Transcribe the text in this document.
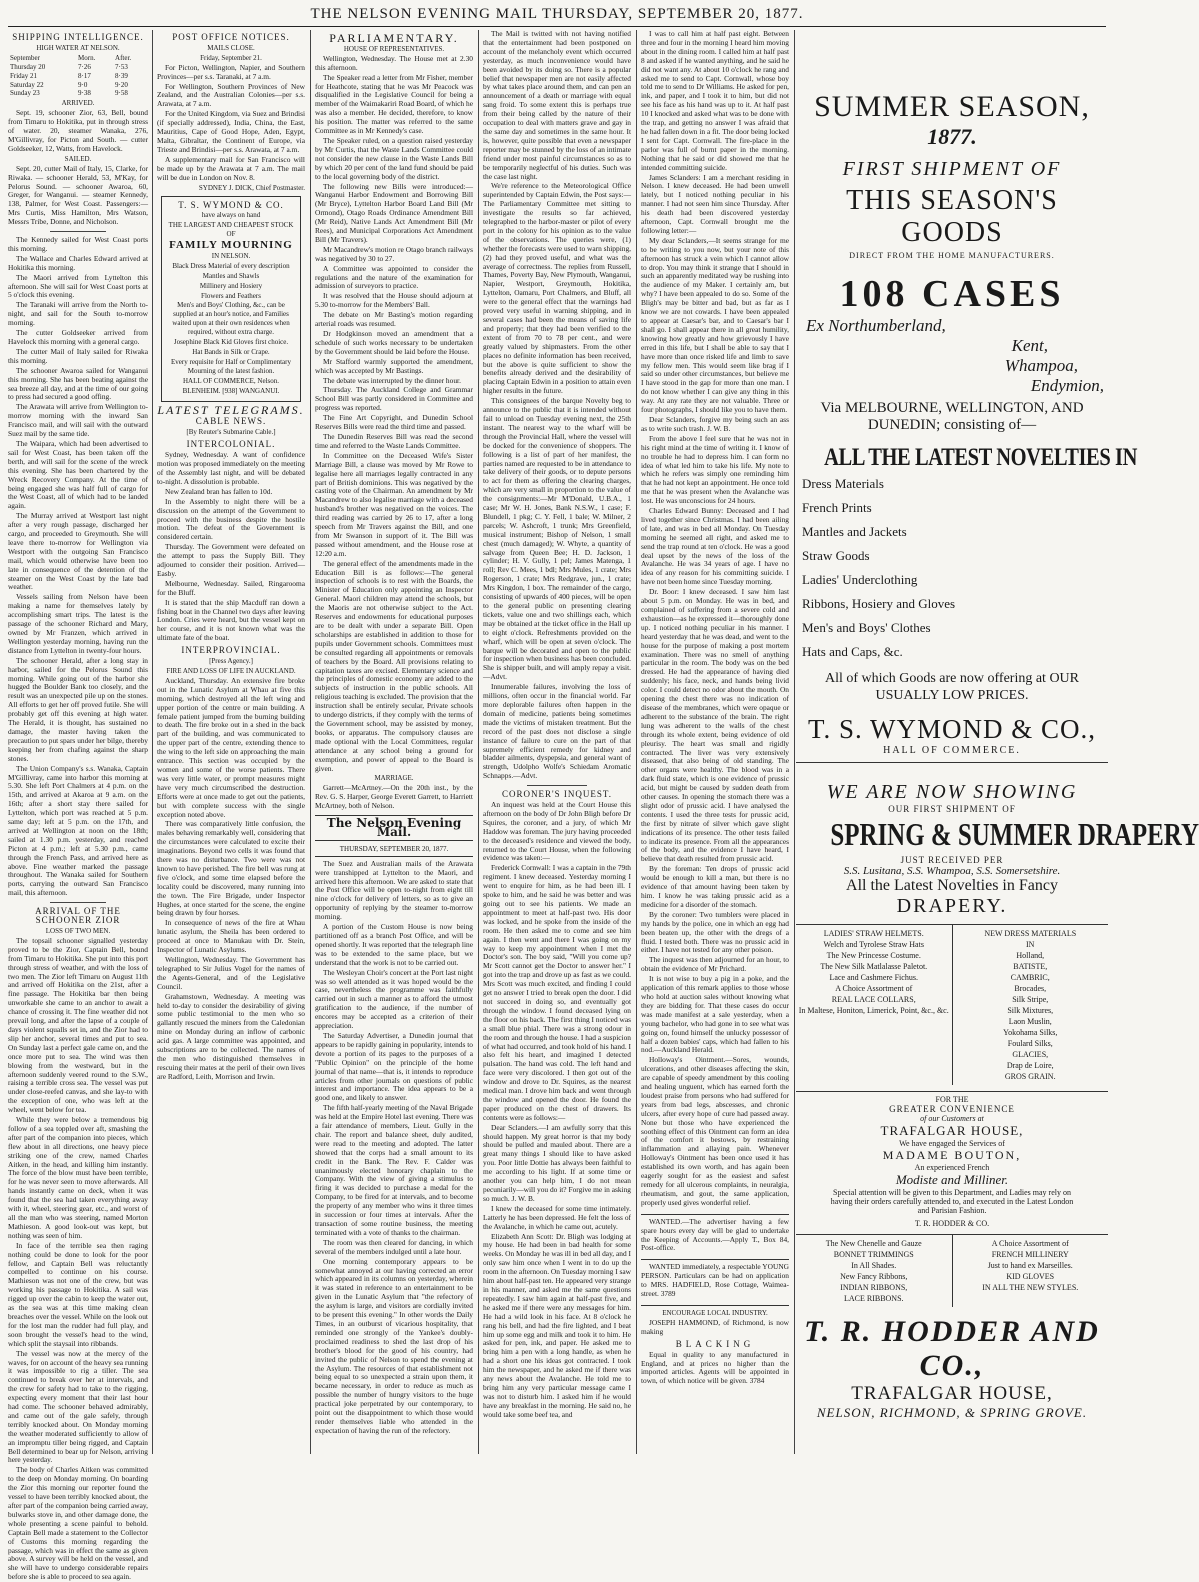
THE NELSON EVENING MAIL THURSDAY, SEPTEMBER 20, 1877.
SHIPPING INTELLIGENCE.
HIGH WATER AT NELSON.
September	Morn.	After.
Thursday 20	7·26	7·53
Friday 21	8·17	8·39
Saturday 22	9·0	9·20
Sunday 23	9·38	9·58
ARRIVED.

Sept. 19, schooner Zior, 63, Bell, bound from Timaru to Hokitika, put in through stress of water. 20, steamer Wanaka, 276, M'Gillivray, for Picton and South. — cutter Goldseeker, 12, Watts, from Havelock.

SAILED.

Sept. 20, cutter Mail of Italy, 15, Clarke, for Riwaka. — schooner Herald, 53, M'Kay, for Pelorus Sound. — schooner Awaroa, 60, Greger, for Wanganui. — steamer Kennedy, 138, Palmer, for West Coast. Passengers:—Mrs Curtis, Miss Hamilton, Mrs Watson, Messrs Tribe, Donne, and Nicholson.

The Kennedy sailed for West Coast ports this morning.

The Wallace and Charles Edward arrived at Hokitika this morning.

The Maori arrived from Lyttelton this afternoon. She will sail for West Coast ports at 5 o'clock this evening.

The Taranaki will arrive from the North to-night, and sail for the South to-morrow morning.

The cutter Goldseeker arrived from Havelock this morning with a general cargo.

The cutter Mail of Italy sailed for Riwaka this morning.

The schooner Awaroa sailed for Wanganui this morning. She has been beating against the sea breeze all day, and at the time of our going to press had secured a good offing.

The Arawata will arrive from Wellington to-morrow morning with the inward San Francisco mail, and will sail with the outward Suez mail by the same tide.

The Waipara, which had been advertised to sail for West Coast, has been taken off the berth, and will sail for the scene of the wreck this evening. She has been chartered by the Wreck Recovery Company. At the time of being engaged she was half full of cargo for the West Coast, all of which had to be landed again.

The Murray arrived at Westport last night after a very rough passage, discharged her cargo, and proceeded to Greymouth. She will leave there to-morrow for Wellington via Westport with the outgoing San Francisco mail, which would otherwise have been too late in consequence of the detention of the steamer on the West Coast by the late bad weather.

Vessels sailing from Nelson have been making a name for themselves lately by accomplishing smart trips. The latest is the passage of the schooner Richard and Mary, owned by Mr Franzen, which arrived in Wellington yesterday morning, having run the distance from Lyttelton in twenty-four hours.

The schooner Herald, after a long stay in harbor, sailed for the Pelorus Sound this morning. While going out of the harbor she hugged the Boulder Bank too closely, and the result was an unexpected pile up on the stones. All efforts to get her off proved futile. She will probably get off this evening at high water. The Herald, it is thought, has sustained no damage, the master having taken the precaution to put spars under her bilge, thereby keeping her from chafing against the sharp stones.

The Union Company's s.s. Wanaka, Captain M'Gillivray, came into harbor this morning at 5.30. She left Port Chalmers at 4 p.m. on the 15th, and arrived at Akaroa at 9 a.m. on the 16th; after a short stay there sailed for Lyttelton, which port was reached at 5 p.m. same day; left at 5 p.m. on the 17th, and arrived at Wellington at noon on the 18th; sailed at 1.30 p.m. yesterday, and reached Picton at 4 p.m.; left at 5.30 p.m., came through the French Pass, and arrived here as above. Fine weather marked the passage throughout. The Wanaka sailed for Southern ports, carrying the outward San Francisco mail, this afternoon.

ARRIVAL OF THE SCHOONER ZIOR
LOSS OF TWO MEN.

The topsail schooner signalled yesterday proved to be the Zior, Captain Bell, bound from Timaru to Hokitika. She put into this port through stress of weather, and with the loss of two men. The Zior left Timaru on August 11th and arrived off Hokitika on the 21st, after a fine passage. The Hokitika bar then being unworkable she came to an anchor to await a chance of crossing it. The fine weather did not prevail long, and after the lapse of a couple of days violent squalls set in, and the Zior had to slip her anchor, several times and put to sea. On Sunday last a perfect gale came on, and the once more put to sea. The wind was then blowing from the westward, but in the afternoon suddenly veered round to the S.W., raising a terrible cross sea. The vessel was put under close-reefed canvas, and she lay-to with the exception of one, who was left at the wheel, went below for tea.

While they were below a tremendous big follow of a sea toppled over aft, smashing the after part of the companion into pieces, which flew about in all directions, one heavy piece striking one of the crew, named Charles Aitken, in the head, and killing him instantly. The force of the blow must have been terrible, for he was never seen to move afterwards. All hands instantly came on deck, when it was found that the sea had taken everything away with it, wheel, steering gear, etc., and worst of all the man who was steering, named Morton Mathieson. A good look-out was kept, but nothing was seen of him.

In face of the terrible sea then raging nothing could be done to look for the poor fellow, and Captain Bell was reluctantly compelled to continue on his course. Mathieson was not one of the crew, but was working his passage to Hokitika. A sail was rigged up over the cabin to keep the water out, as the sea was at this time making clean breaches over the vessel. While on the look out for the lost man the rudder had full play, and soon brought the vessel's head to the wind, which split the staysail into ribbands.

The vessel was now at the mercy of the waves, for on account of the heavy sea running it was impossible to rig a tiller. The sea continued to break over her at intervals, and the crew for safety had to take to the rigging, expecting every moment that their last hour had come. The schooner behaved admirably, and came out of the gale safely, through terribly knocked about. On Monday morning the weather moderated sufficiently to allow of an impromptu tiller being rigged, and Captain Bell determined to bear up for Nelson, arriving here yesterday.

The body of Charles Aitken was committed to the deep on Monday morning. On boarding the Zior this morning our reporter found the vessel to have been terribly knocked about, the after part of the companion being carried away, bulwarks stove in, and other damage done, the whole presenting a scene painful to behold. Captain Bell made a statement to the Collector of Customs this morning regarding the passage, which was in effect the same as given above. A survey will be held on the vessel, and she will have to undergo considerable repairs before she is able to proceed to sea again.

POST OFFICE NOTICES.
MAILS CLOSE.
Friday, September 21.

For Picton, Wellington, Napier, and Southern Provinces—per s.s. Taranaki, at 7 a.m.

For Wellington, Southern Provinces of New Zealand, and the Australian Colonies—per s.s. Arawata, at 7 a.m.

For the United Kingdom, via Suez and Brindisi (if specially addressed), India, China, the East, Mauritius, Cape of Good Hope, Aden, Egypt, Malta, Gibraltar, the Continent of Europe, via Trieste and Brindisi—per s.s. Arawata, at 7 a.m.

A supplementary mail for San Francisco will be made up by the Arawata at 7 a.m. The mail will be due in London on Nov. 8.

SYDNEY J. DICK, Chief Postmaster.
T. S. WYMOND & CO.
have always on hand
THE LARGEST AND CHEAPEST STOCK OF
FAMILY MOURNING
IN NELSON.
Black Dress Material of every description
Mantles and Shawls
Millinery and Hosiery
Flowers and Feathers
Men's and Boys' Clothing, &c., can be supplied at an hour's notice, and Families waited upon at their own residences when required, without extra charge.
Josephine Black Kid Gloves first choice.
Hat Bands in Silk or Crape.
Every requisite for Half or Complimentary Mourning of the latest fashion.
HALL OF COMMERCE, Nelson.
BLENHEIM. [938] WANGANUI.
LATEST TELEGRAMS.
CABLE NEWS.
[By Reuter's Submarine Cable.]
INTERCOLONIAL.

Sydney, Wednesday. A want of confidence motion was proposed immediately on the meeting of the Assembly last night, and will be debated to-night. A dissolution is probable.

New Zealand bran has fallen to 10d.

In the Assembly to night there will be a discussion on the attempt of the Government to proceed with the business despite the hostile motion. The defeat of the Government is considered certain.

Thursday. The Government were defeated on the attempt to pass the Supply Bill. They adjourned to consider their position. Arrived—Easby.

Melbourne, Wednesday. Sailed, Ringarooma for the Bluff.

It is stated that the ship Macduff ran down a fishing boat in the Channel two days after leaving London. Cries were heard, but the vessel kept on her course, and it is not known what was the ultimate fate of the boat.

INTERPROVINCIAL.
[Press Agency.]
FIRE AND LOSS OF LIFE IN AUCKLAND.

Auckland, Thursday. An extensive fire broke out in the Lunatic Asylum at Whau at five this morning, which destroyed all the left wing and upper portion of the centre or main building. A female patient jumped from the burning building to death. The fire broke out in a shed in the back part of the building, and was communicated to the upper part of the centre, extending thence to the wing to the left side on approaching the main entrance. This section was occupied by the women and some of the worse patients. There was very little water, or prompt measures might have very much circumscribed the destruction. Efforts were at once made to get out the patients, but with complete success with the single exception noted above.

There was comparatively little confusion, the males behaving remarkably well, considering that the circumstances were calculated to excite their imaginations. Beyond two cells it was found that there was no disturbance. Two were was not known to have perished. The fire bell was rung at five o'clock, and some time elapsed before the locality could be discovered, many running into the town. The Fire Brigade, under Inspector Hughes, at once started for the scene, the engine being drawn by four horses.

In consequence of news of the fire at Whau lunatic asylum, the Sheila has been ordered to proceed at once to Manukau with Dr. Stein, Inspector of Lunatic Asylums.

Wellington, Wednesday. The Government has telegraphed to Sir Julius Vogel for the names of the Agents-General, and of the Legislative Council.

Grahamstown, Wednesday. A meeting was held to-day to consider the desirability of giving some public testimonial to the men who so gallantly rescued the miners from the Caledonian mine on Monday during an inflow of carbonic acid gas. A large committee was appointed, and subscriptions are to be collected. The names of the men who distinguished themselves in rescuing their mates at the peril of their own lives are Radford, Leith, Morrison and Irwin.

PARLIAMENTARY.
HOUSE OF REPRESENTATIVES.

Wellington, Wednesday. The House met at 2.30 this afternoon.

The Speaker read a letter from Mr Fisher, member for Heathcote, stating that he was Mr Peacock was disqualified in the Legislative Council for being a member of the Waimakariri Road Board, of which he was also a member. He decided, therefore, to know his position. The matter was referred to the same Committee as in Mr Kennedy's case.

The Speaker ruled, on a question raised yesterday by Mr Curtis, that the Waste Lands Committee could not consider the new clause in the Waste Lands Bill by which 20 per cent of the land fund should be paid to the local governing body of the district.

The following new Bills were introduced:—Wanganui Harbor Endowment and Borrowing Bill (Mr Bryce), Lyttelton Harbor Board Land Bill (Mr Ormond), Otago Roads Ordinance Amendment Bill (Mr Reid), Native Lands Act Amendment Bill (Mr Rees), and Municipal Corporations Act Amendment Bill (Mr Travers).

Mr Macandrew's motion re Otago branch railways was negatived by 30 to 27.

A Committee was appointed to consider the regulations and the nature of the examination for admission of surveyors to practice.

It was resolved that the House should adjourn at 5.30 to-morrow for the Members' Ball.

The debate on Mr Basting's motion regarding arterial roads was resumed.

Dr Hodgkinson moved an amendment that a schedule of such works necessary to be undertaken by the Government should be laid before the House.

Mr Stafford warmly supported the amendment, which was accepted by Mr Bastings.

The debate was interrupted by the dinner hour.

Thursday. The Auckland College and Grammar School Bill was partly considered in Committee and progress was reported.

The Fine Art Copyright, and Dunedin School Reserves Bills were read the third time and passed.

The Dunedin Reserves Bill was read the second time and referred to the Waste Lands Committee.

In Committee on the Deceased Wife's Sister Marriage Bill, a clause was moved by Mr Rowe to legalise here all marriages legally contracted in any part of British dominions. This was negatived by the casting vote of the Chairman. An amendment by Mr Macandrew to also legalise marriage with a deceased husband's brother was negatived on the voices. The third reading was carried by 26 to 17, after a long speech from Mr Travers against the Bill, and one from Mr Swanson in support of it. The Bill was passed without amendment, and the House rose at 12:20 a.m.

The general effect of the amendments made in the Education Bill is as follows:—The general inspection of schools is to rest with the Boards, the Minister of Education only appointing an Inspector General. Maori children may attend the schools, but the Maoris are not otherwise subject to the Act. Reserves and endowments for educational purposes are to be dealt with under a separate Bill. Open scholarships are established in addition to those for pupils under Government schools. Committees must be consulted regarding all appointments or removals of teachers by the Board. All provisions relating to capitation taxes are excised. Elementary science and the principles of domestic economy are added to the subjects of instruction in the public schools. All religious teaching is excluded. The provision that the instruction shall be entirely secular, Private schools to undergo districts, if they comply with the terms of the Government school, may be assisted by money, books, or apparatus. The compulsory clauses are made optional with the Local Committees, regular attendance at any school being a ground for exemption, and power of appeal to the Board is given.

MARRIAGE.

Garrett—McArtney.—On the 20th inst., by the Rev. G. S. Harper, George Everett Garrett, to Harriett McArtney, both of Nelson.

The Nelson Evening Mail.
THURSDAY, SEPTEMBER 20, 1877.

The Suez and Australian mails of the Arawata were transhipped at Lyttelton to the Maori, and arrived here this afternoon. We are asked to state that the Post Office will be open to-night from eight till nine o'clock for delivery of letters, so as to give an opportunity of replying by the steamer to-morrow morning.

A portion of the Custom House is now being partitioned off as a branch Post Office, and will be opened shortly. It was reported that the telegraph line was to be extended to the same place, but we understand that the work is not to be carried out.

The Wesleyan Choir's concert at the Port last night was so well attended as it was hoped would be the case, nevertheless the programme was faithfully carried out in such a manner as to afford the utmost gratification to the audience, if the number of encores may be accepted as a criterion of their appreciation.

The Saturday Advertiser, a Dunedin journal that appears to be rapidly gaining in popularity, intends to devote a portion of its pages to the purposes of a "Public Opinion" on the principle of the home journal of that name—that is, it intends to reproduce articles from other journals on questions of public interest and importance. The idea appears to be a good one, and likely to answer.

The fifth half-yearly meeting of the Naval Brigade was held at the Empire Hotel last evening. There was a fair attendance of members, Lieut. Gully in the chair. The report and balance sheet, duly audited, were read to the meeting and adopted. The latter showed that the corps had a small amount to its credit in the Bank. The Rev. F. Calder was unanimously elected honorary chaplain to the Company. With the view of giving a stimulus to firing it was decided to purchase a medal for the Company, to be fired for at intervals, and to become the property of any member who wins it three times in succession or four times at intervals. After the transaction of some routine business, the meeting terminated with a vote of thanks to the chairman.

The room was then cleared for dancing, in which several of the members indulged until a late hour.

One morning contemporary appears to be somewhat annoyed at our having corrected an error which appeared in its columns on yesterday, wherein it was stated in reference to an entertainment to be given in the Lunatic Asylum that "the refectory of the asylum is large, and visitors are cordially invited to be present this evening." In other words the Daily Times, in an outburst of vicarious hospitality, that reminded one strongly of the Yankee's doubly-proclaimed readiness to shed the last drop of his brother's blood for the good of his country, had invited the public of Nelson to spend the evening at the Asylum. The resources of that establishment not being equal to so unexpected a strain upon them, it became necessary, in order to reduce as much as possible the number of hungry visitors to the huge practical joke perpetrated by our contemporary, to point out the disappointment to which those would render themselves liable who attended in the expectation of having the run of the refectory.

The Mail is twitted with not having notified that the entertainment had been postponed on account of the melancholy event which occurred yesterday, as much inconvenience would have been avoided by its doing so. There is a popular belief that newspaper men are not easily affected by what takes place around them, and can pen an announcement of a death or marriage with equal sang froid. To some extent this is perhaps true from their being called by the nature of their occupation to deal with matters grave and gay in the same day and sometimes in the same hour. It is, however, quite possible that even a newspaper reporter may be stunned by the loss of an intimate friend under most painful circumstances so as to be temporarily neglectful of his duties. Such was the case last night.

We're reference to the Meteorological Office superintended by Captain Edwin, the Post says:—The Parliamentary Committee met sitting to investigate the results so far achieved, telegraphed to the harbor-master or pilot of every port in the colony for his opinion as to the value of the observations. The queries were, (1) whether the forecasts were used to warn shipping, (2) had they proved useful, and what was the average of correctness. The replies from Russell, Thames, Poverty Bay, New Plymouth, Wanganui, Napier, Westport, Greymouth, Hokitika, Lyttelton, Oamaru, Port Chalmers, and Bluff, all were to the general effect that the warnings had proved very useful in warning shipping, and in several cases had been the means of saving life and property; that they had been verified to the extent of from 70 to 78 per cent., and were greatly valued by shipmasters. From the other places no definite information has been received, but the above is quite sufficient to show the benefits already derived and the desirability of placing Captain Edwin in a position to attain even higher results in the future.

This consignees of the barque Novelty beg to announce to the public that it is intended without fail to unload on Tuesday evening next, the 25th instant. The nearest way to the wharf will be through the Provincial Hall, where the vessel will be docked for the convenience of shoppers. The following is a list of part of her manifest, the parties named are requested to be in attendance to take delivery of their goods, or to depute persons to act for them as offering the clearing charges, which are very small in proportion to the value of the consignments:—Mr M'Donald, U.B.A., 1 case; Mr W. H. Jones, Bank N.S.W., 1 case; F. Blundell, 1 pkg; C. Y. Fell, 1 bale; W. Milner, 2 parcels; W. Ashcroft, 1 trunk; Mrs Greenfield, musical instrument; Bishop of Nelson, 1 small chest (much damaged); W. Whyte, a quantity of salvage from Queen Bee; H. D. Jackson, 1 cylinder; H. V. Gully, 1 pel; James Matenga, 1 roll; Rev C. Mees, 1 bdl; Mrs Mules, 1 crate; Mrs Rogerson, 1 crate; Mrs Redgrave, jun., 1 crate; Mrs Kingdon, 1 box. The remainder of the cargo, consisting of upwards of 400 pieces, will be open to the general public on presenting clearing tickets, value one and two shillings each, which may be obtained at the ticket office in the Hall up to eight o'clock. Refreshments provided on the wharf, which will be open at seven o'clock. The barque will be decorated and open to the public for inspection when business has been concluded. She is shipper built, and will amply repay a visit.—Advt.

Innumerable failures, involving the loss of millions, often occur in the financial world. Far more deplorable failures often happen in the domain of medicine, patients being sometimes made the victims of mistaken treatment. But the record of the past does not disclose a single instance of failure to cure on the part of that supremely efficient remedy for kidney and bladder ailments, dyspepsia, and general want of strength, Udolpho Wolfe's Schiedam Aromatic Schnapps.—Advt.

CORONER'S INQUEST.

An inquest was held at the Court House this afternoon on the body of Dr John Bligh before Dr Squires, the coroner, and a jury, of which Mr Haddow was foreman. The jury having proceeded to the deceased's residence and viewed the body, returned to the Court House, when the following evidence was taken:—

Frederick Cornwall: I was a captain in the 79th regiment. I knew deceased. Yesterday morning I went to enquire for him, as he had been ill. I spoke to him, and he said he was better and was going out to see his patients. We made an appointment to meet at half-past two. His door was locked, and he spoke from the inside of the room. He then asked me to come and see him again. I then went and there I was going on my way to keep my appointment when I met the Doctor's son. The boy said, "Will you come up? Mr Scott cannot get the Doctor to answer her." I got into the trap and drove up as fast as we could. Mrs Scott was much excited, and finding I could get no answer I tried to break open the door. I did not succeed in doing so, and eventually got through the window. I found deceased lying on the floor on his back. The first thing I noticed was a small blue phial. There was a strong odour in the room and through the house. I had a suspicion of what had occurred, and took hold of his hand. I also felt his heart, and imagined I detected pulsation. The hand was cold. The left hand and face were very discolored. I then got out of the window and drove to Dr. Squires, as the nearest medical man. I drove him back and went through the window and opened the door. He found the paper produced on the chest of drawers. Its contents were as follows:—

Dear Sclanders.—I am awfully sorry that this should happen. My great horror is that my body should be pulled and mauled about. There are a great many things I should like to have asked you. Poor little Dottie has always been faithful to me according to his light. If at some time or another you can help him, I do not mean pecuniarily—will you do it? Forgive me in asking so much. J. W. B.

I knew the deceased for some time intimately. Latterly he has been depressed. He felt the loss of the Avalanche, in which he came out, acutely.

Elizabeth Ann Scott: Dr. Bligh was lodging at my house. He had been in bad health for some weeks. On Monday he was ill in bed all day, and I only saw him once when I went in to do up the room in the afternoon. On Tuesday morning I saw him about half-past ten. He appeared very strange in his manner, and asked me the same questions repeatedly. I saw him again at half-past five, and he asked me if there were any messages for him. He had a wild look in his face. At 8 o'clock he rang his bell, and had the fire lighted, and I beat him up some egg and milk and took it to him. He asked for pen, ink, and paper. He asked me to bring him a pen with a long handle, as when he had a short one his ideas got contracted. I took him the newspaper, and he asked me if there was any news about the Avalanche. He told me to bring him any very particular message came I was not to disturb him. I asked him if he would have any breakfast in the morning. He said no, he would take some beef tea, and

I was to call him at half past eight. Between three and four in the morning I heard him moving about in the dining room. I called him at half past 8 and asked if he wanted anything, and he said he did not want any. At about 10 o'clock he rang and asked me to send to Capt. Cornwall, whose boy told me to send to Dr Williams. He asked for pen, ink, and paper, and I took it to him, but did not see his face as his hand was up to it. At half past 10 I knocked and asked what was to be done with the trap, and getting no answer I was afraid that he had fallen down in a fit. The door being locked I sent for Capt. Cornwall. The fire-place in the parlor was full of burnt paper in the morning. Nothing that he said or did showed me that he intended committing suicide.

James Sclanders: I am a merchant residing in Nelson. I knew deceased. He had been unwell lately, but I noticed nothing peculiar in his manner. I had not seen him since Thursday. After his death had been discovered yesterday afternoon, Capt. Cornwall brought me the following letter:—

My dear Sclanders,—It seems strange for me to be writing to you now, but your note of this afternoon has struck a vein which I cannot allow to drop. You may think it strange that I should in such an apparently meditated way be rushing into the audience of my Maker. I certainly am, but why? I have been appealed to do so. Some of the Bligh's may be bitter and bad, but as far as I know we are not cowards. I have been appealed to appear at Caesar's bar, and to Caesar's bar I shall go. I shall appear there in all great humility, knowing how greatly and how grievously I have erred in this life, but I shall be able to say that I have more than once risked life and limb to save my fellow men. This would seem like brag if I said so under other circumstances, but believe me I have stood in the gap for more than one man. I do not know whether I can give any thing in this way. At any rate they are not valuable. Three or four photographs, I should like you to have them.

Dear Sclanders, forgive my being such an ass as to write such trash. J. W. B.

From the above I feel sure that he was not in his right mind at the time of writing it. I know of no trouble he had to depress him. I can form no idea of what led him to take his life. My note to which he refers was simply one reminding him that he had not kept an appointment. He once told me that he was present when the Avalanche was lost. He was unconscious for 24 hours.

Charles Edward Bunny: Deceased and I had lived together since Christmas. I had been ailing of late, and was in bed all Monday. On Tuesday morning he seemed all right, and asked me to send the trap round at ten o'clock. He was a good deal upset by the news of the loss of the Avalanche. He was 34 years of age. I have no idea of any reason for his committing suicide. I have not been home since Tuesday morning.

Dr. Boor: I knew deceased. I saw him last about 5 p.m. on Monday. He was in bed, and complained of suffering from a severe cold and exhaustion—as he expressed it—thoroughly done up. I noticed nothing peculiar in his manner. I heard yesterday that he was dead, and went to the house for the purpose of making a post mortem examination. There was no smell of anything particular in the room. The body was on the bed dressed. He had the appearance of having died suddenly; his face, neck, and hands being livid color. I could detect no odor about the mouth. On opening the chest there was no indication of disease of the membranes, which were opaque or adherent to the substance of the brain. The right lung was adherent to the walls of the chest through its whole extent, being evidence of old pleurisy. The heart was small and rigidly contracted. The liver was very extensively diseased, that also being of old standing. The other organs were healthy. The blood was in a dark fluid state, which is one evidence of prussic acid, but might be caused by sudden death from other causes. In opening the stomach there was a slight odor of prussic acid. I have analysed the contents. I used the three tests for prussic acid, the first by nitrate of silver which gave slight indications of its presence. The other tests failed to indicate its presence. From all the appearances of the body, and the evidence I have heard, I believe that death resulted from prussic acid.

By the foreman: Ten drops of prussic acid would be enough to kill a man, but there is no evidence of that amount having been taken by him. I know he was taking prussic acid as a medicine for a disorder of the stomach.

By the coroner: Two tumblers were placed in my hands by the police, one in which an egg had been beaten up, the other with the dregs of a fluid. I tested both. There was no prussic acid in either. I have not tested for any other poison.

The inquest was then adjourned for an hour, to obtain the evidence of Mr Prichard.

It is not wise to buy a pig in a poke, and the application of this remark applies to those whose who hold at auction sales without knowing what they are bidding for. That these cases do occur was made manifest at a sale yesterday, when a young bachelor, who had gone in to see what was going on, found himself the unlucky possessor of half a dozen babies' caps, which had fallen to his nod.—Auckland Herald.

Holloway's Ointment.—Sores, wounds, ulcerations, and other diseases affecting the skin, are capable of speedy amendment by this cooling and healing unguent, which has earned forth the loudest praise from persons who had suffered for years from bad legs, abscesses, and chronic ulcers, after every hope of cure had passed away. None but those who have experienced the soothing effect of this Ointment can form an idea of the comfort it bestows, by restraining inflammation and allaying pain. Whenever Holloway's Ointment has been once used it has established its own worth, and has again been eagerly sought for as the easiest and safest remedy for all ulcerous complaints, in neuralgia, rheumatism, and gout, the same application, properly used gives wonderful relief.

WANTED.—The advertiser having a few spare hours every day will be glad to undertake the Keeping of Accounts.—Apply T., Box 84, Post-office.

WANTED immediately, a respectable YOUNG PERSON. Particulars can be had on application to MRS. HADFIELD, Rose Cottage, Waimea-street. 3789

ENCOURAGE LOCAL INDUSTRY.

JOSEPH HAMMOND, of Richmond, is now making

BLACKING

Equal in quality to any manufactured in England, and at prices no higher than the imported articles. Agents will be appointed in town, of which notice will be given. 3784

SUMMER SEASON,
1877.
FIRST SHIPMENT OF
THIS SEASON'S GOODS
DIRECT FROM THE HOME MANUFACTURERS.
108 CASES
Ex Northumberland,
Kent,
Whampoa,
Endymion,
Via MELBOURNE, WELLINGTON, AND DUNEDIN; consisting of—
ALL THE LATEST NOVELTIES IN
Dress Materials
French Prints
Mantles and Jackets
Straw Goods
Ladies' Underclothing
Ribbons, Hosiery and Gloves
Men's and Boys' Clothes
Hats and Caps, &c.
All of which Goods are now offering at OUR USUALLY LOW PRICES.
T. S. WYMOND & CO.,
HALL OF COMMERCE.
WE ARE NOW SHOWING
OUR FIRST SHIPMENT OF
SPRING & SUMMER DRAPERY
JUST RECEIVED PER
S.S. Lusitana, S.S. Whampoa, S.S. Somersetshire.
All the Latest Novelties in Fancy
DRAPERY.
LADIES' STRAW HELMETS.
Welch and Tyrolese Straw Hats
The New Princesse Costume.
The New Silk Matlalasse Paletot.
Lace and Cashmere Fichus.
A Choice Assortment of
REAL LACE COLLARS,
In Maltese, Honiton, Limerick, Point, &c., &c.
NEW DRESS MATERIALS
IN
Holland,
BATISTE,
CAMBRIC,
Brocades,
Silk Stripe,
Silk Mixtures,
Laon Muslin,
Yokohama Silks,
Foulard Silks,
GLACIES,
Drap de Loire,
GROS GRAIN.
FOR THE
GREATER CONVENIENCE
of our Customers at
TRAFALGAR HOUSE,
We have engaged the Services of
MADAME BOUTON,
An experienced French
Modiste and Milliner.
Special attention will be given to this Department, and Ladies may rely on having their orders carefully attended to, and executed in the Latest London and Parisian Fashion.
T. R. HODDER & CO.
The New Chenelle and Gauze
BONNET TRIMMINGS
In All Shades.
New Fancy Ribbons,
INDIAN RIBBONS,
LACE RIBBONS.
A Choice Assortment of
FRENCH MILLINERY
Just to hand ex Marseilles.
KID GLOVES
IN ALL THE NEW STYLES.
T. R. HODDER AND CO.,
TRAFALGAR HOUSE,
NELSON, RICHMOND, & SPRING GROVE.
